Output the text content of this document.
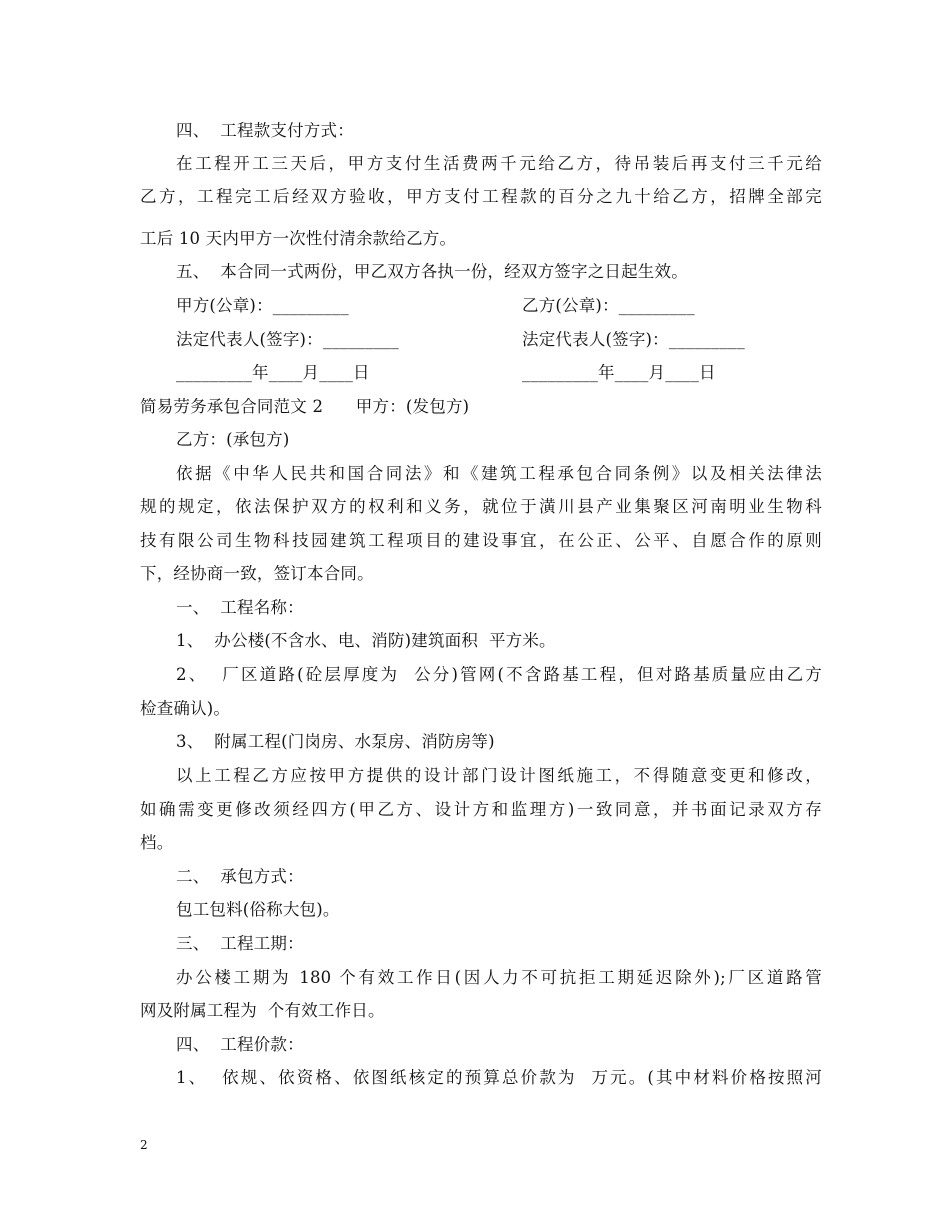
四、  工程款支付方式：
在工程开工三天后，甲方支付生活费两千元给乙方，待吊装后再支付三千元给
乙方，工程完工后经双方验收，甲方支付工程款的百分之九十给乙方，招牌全部完
工后 10 天内甲方一次性付清余款给乙方。
五、  本合同一式两份，甲乙双方各执一份，经双方签字之日起生效。
甲方(公章)：_________	乙方(公章)：_________
法定代表人(签字)：_________	法定代表人(签字)：_________
_________年____月____日	_________年____月____日
简易劳务承包合同范文 2      甲方：(发包方)
乙方：(承包方)
依据《中华人民共和国合同法》和《建筑工程承包合同条例》以及相关法律法
规的规定，依法保护双方的权利和义务，就位于潢川县产业集聚区河南明业生物科
技有限公司生物科技园建筑工程项目的建设事宜，在公正、公平、自愿合作的原则
下，经协商一致，签订本合同。
一、  工程名称：
1、  办公楼(不含水、电、消防)建筑面积  平方米。
2、  厂区道路(砼层厚度为  公分)管网(不含路基工程，但对路基质量应由乙方
检查确认)。
3、  附属工程(门岗房、水泵房、消防房等)
以上工程乙方应按甲方提供的设计部门设计图纸施工，不得随意变更和修改，
如确需变更修改须经四方(甲乙方、设计方和监理方)一致同意，并书面记录双方存
档。
二、  承包方式：
包工包料(俗称大包)。
三、  工程工期：
办公楼工期为 180 个有效工作日(因人力不可抗拒工期延迟除外);厂区道路管
网及附属工程为  个有效工作日。
四、  工程价款：
1、  依规、依资格、依图纸核定的预算总价款为  万元。(其中材料价格按照河
2
